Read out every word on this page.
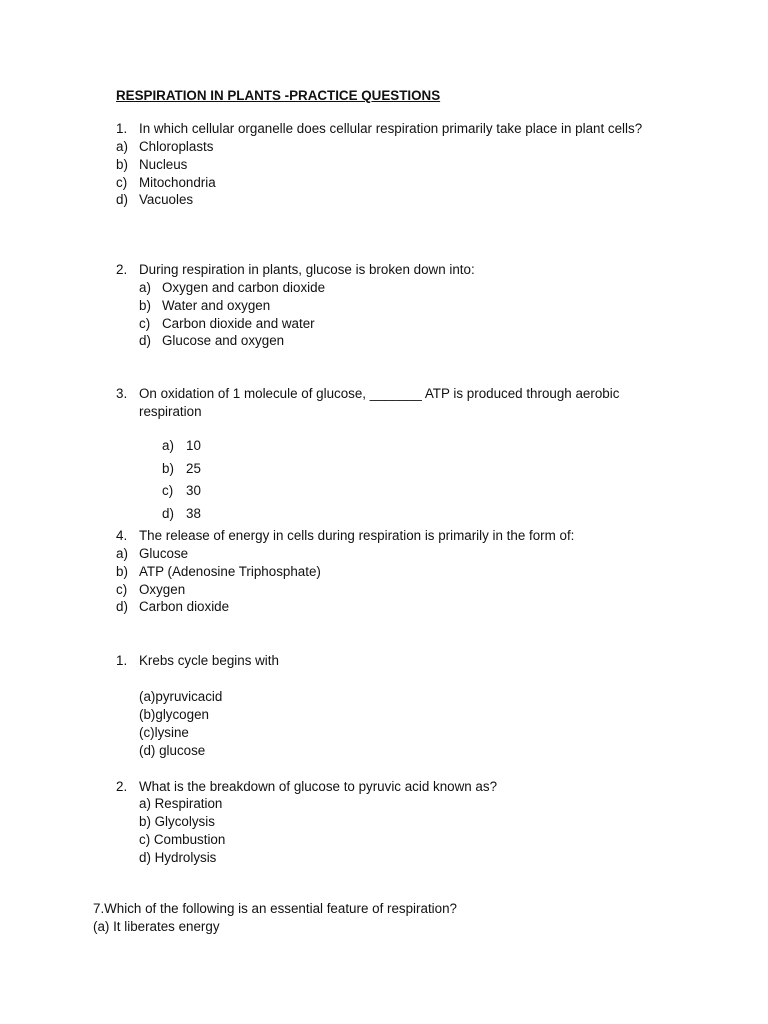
RESPIRATION IN PLANTS -PRACTICE QUESTIONS
1. In which cellular organelle does cellular respiration primarily take place in plant cells?
a) Chloroplasts
b) Nucleus
c) Mitochondria
d) Vacuoles
2. During respiration in plants, glucose is broken down into:
a) Oxygen and carbon dioxide
b) Water and oxygen
c) Carbon dioxide and water
d) Glucose and oxygen
3. On oxidation of 1 molecule of glucose, _______ ATP is produced through aerobic
respiration
a) 10
b) 25
c) 30
d) 38
4. The release of energy in cells during respiration is primarily in the form of:
a) Glucose
b) ATP (Adenosine Triphosphate)
c) Oxygen
d) Carbon dioxide
1. Krebs cycle begins with
(a)pyruvicacid
(b)glycogen
(c)lysine
(d) glucose
2. What is the breakdown of glucose to pyruvic acid known as?
a) Respiration
b) Glycolysis
c) Combustion
d) Hydrolysis
7.Which of the following is an essential feature of respiration?
(a) It liberates energy
